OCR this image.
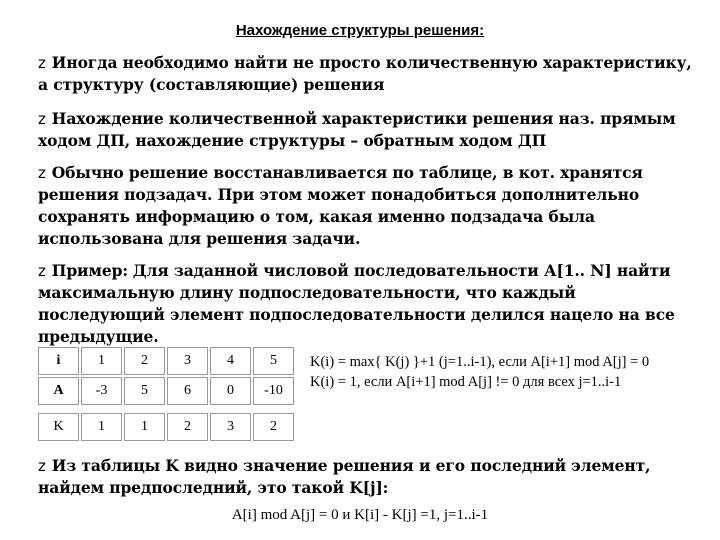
Нахождение структуры решения:
z Иногда необходимо найти не просто количественную характеристику, а структуру (составляющие) решения
z Нахождение количественной характеристики решения наз. прямым ходом ДП, нахождение структуры – обратным ходом ДП
z Обычно решение восстанавливается по таблице, в кот. хранятся решения подзадач. При этом может понадобиться дополнительно сохранять информацию о том, какая именно подзадача была использована для решения задачи.
z Пример: Для заданной числовой последовательности А[1.. N] найти максимальную длину подпоследовательности, что каждый последующий элемент подпоследовательности делился нацело на все предыдущие.
i	1	2	3	4	5
A	-3	5	6	0	-10
K	1	1	2	3	2
K(i) = max{ K(j) }+1 (j=1..i-1), если A[i+1] mod A[j] = 0
K(i) = 1, если A[i+1] mod A[j] != 0 для всех j=1..i-1
z Из таблицы K видно значение решения и его последний элемент, найдем предпоследний, это такой K[j]:
A[i] mod A[j] = 0 и K[i] - K[j] =1, j=1..i-1
